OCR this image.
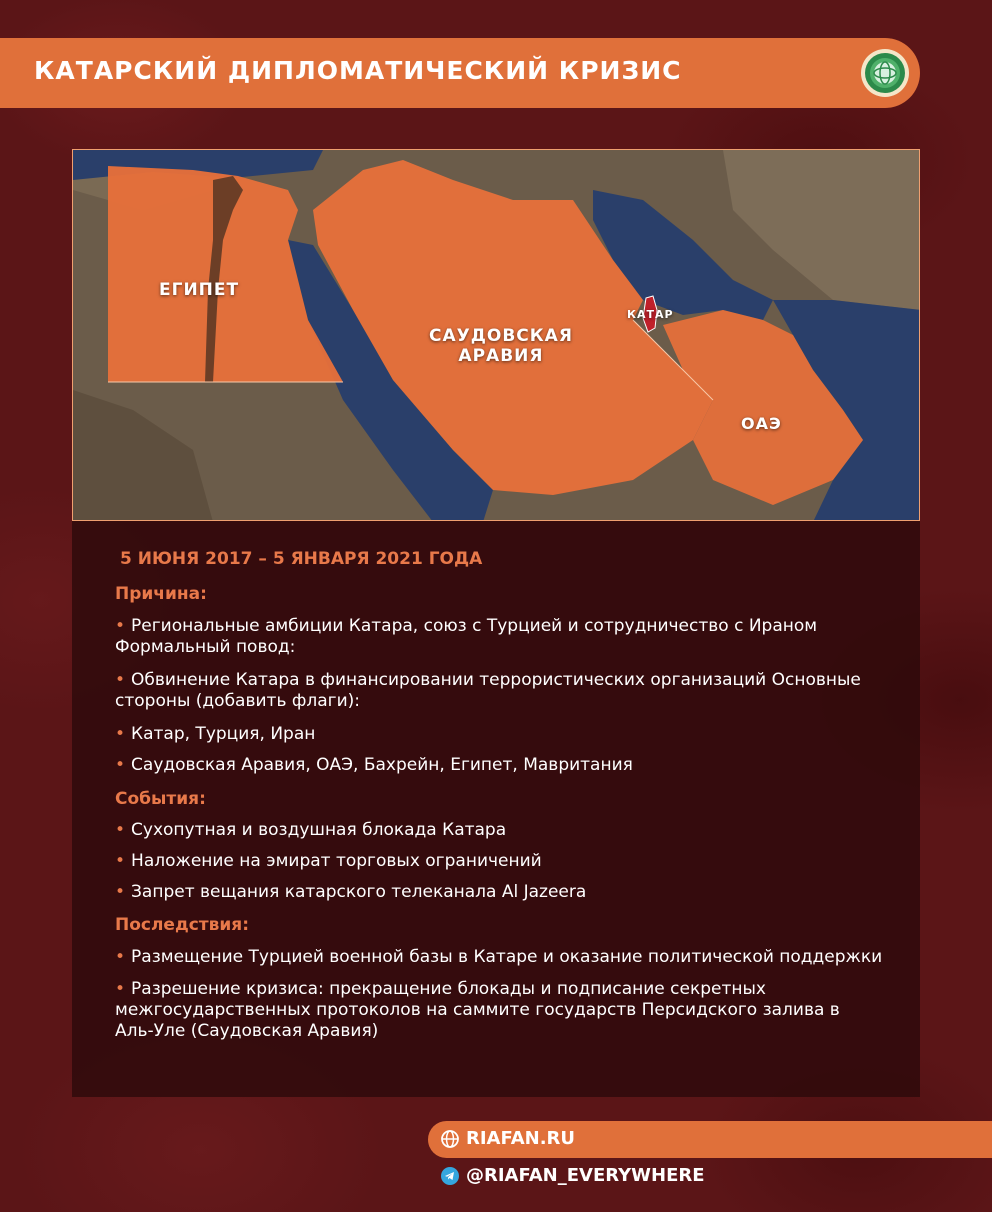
КАТАРСКИЙ ДИПЛОМАТИЧЕСКИЙ КРИЗИС
ЕГИПЕТ
САУДОВСКАЯ
АРАВИЯ
КАТАР
ОАЭ
5 ИЮНЯ 2017 – 5 ЯНВАРЯ 2021 ГОДА
Причина:
• Региональные амбиции Катара, союз с Турцией и сотрудничество с Ираном Формальный повод:
• Обвинение Катара в финансировании террористических организаций Основные стороны (добавить флаги):
• Катар, Турция, Иран
• Саудовская Аравия, ОАЭ, Бахрейн, Египет, Мавритания
События:
• Сухопутная и воздушная блокада Катара
• Наложение на эмират торговых ограничений
• Запрет вещания катарского телеканала Al Jazeera
Последствия:
• Размещение Турцией военной базы в Катаре и оказание политической поддержки
• Разрешение кризиса: прекращение блокады и подписание секретных межгосударственных протоколов на саммите государств Персидского залива в Аль-Уле (Саудовская Аравия)
RIAFAN.RU
@RIAFAN_EVERYWHERE
